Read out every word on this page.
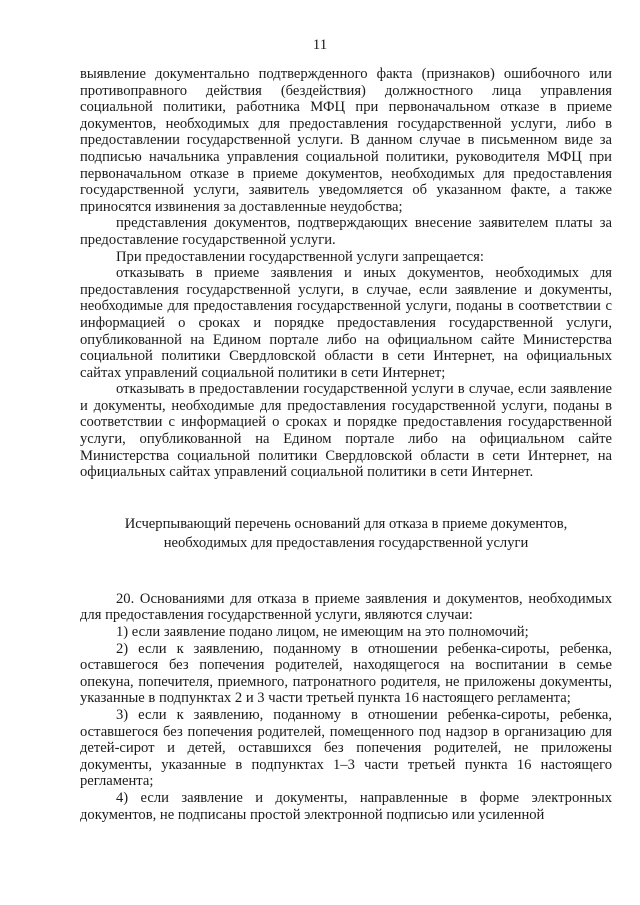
11

выявление документально подтвержденного факта (признаков) ошибочного или противоправного действия (бездействия) должностного лица управления социальной политики, работника МФЦ при первоначальном отказе в приеме документов, необходимых для предоставления государственной услуги, либо в предоставлении государственной услуги. В данном случае в письменном виде за подписью начальника управления социальной политики, руководителя МФЦ при первоначальном отказе в приеме документов, необходимых для предоставления государственной услуги, заявитель уведомляется об указанном факте, а также приносятся извинения за доставленные неудобства;

представления документов, подтверждающих внесение заявителем платы за предоставление государственной услуги.

При предоставлении государственной услуги запрещается:

отказывать в приеме заявления и иных документов, необходимых для предоставления государственной услуги, в случае, если заявление и документы, необходимые для предоставления государственной услуги, поданы в соответствии с информацией о сроках и порядке предоставления государственной услуги, опубликованной на Едином портале либо на официальном сайте Министерства социальной политики Свердловской области в сети Интернет, на официальных сайтах управлений социальной политики в сети Интернет;

отказывать в предоставлении государственной услуги в случае, если заявление и документы, необходимые для предоставления государственной услуги, поданы в соответствии с информацией о сроках и порядке предоставления государственной услуги, опубликованной на Едином портале либо на официальном сайте Министерства социальной политики Свердловской области в сети Интернет, на официальных сайтах управлений социальной политики в сети Интернет.

Исчерпывающий перечень оснований для отказа в приеме документов,
необходимых для предоставления государственной услуги

20. Основаниями для отказа в приеме заявления и документов, необходимых для предоставления государственной услуги, являются случаи:

1) если заявление подано лицом, не имеющим на это полномочий;

2) если к заявлению, поданному в отношении ребенка-сироты, ребенка, оставшегося без попечения родителей, находящегося на воспитании в семье опекуна, попечителя, приемного, патронатного родителя, не приложены документы, указанные в подпунктах 2 и 3 части третьей пункта 16 настоящего регламента;

3) если к заявлению, поданному в отношении ребенка-сироты, ребенка, оставшегося без попечения родителей, помещенного под надзор в организацию для детей-сирот и детей, оставшихся без попечения родителей, не приложены документы, указанные в подпунктах 1–3 части третьей пункта 16 настоящего регламента;

4) если заявление и документы, направленные в форме электронных документов, не подписаны простой электронной подписью или усиленной
